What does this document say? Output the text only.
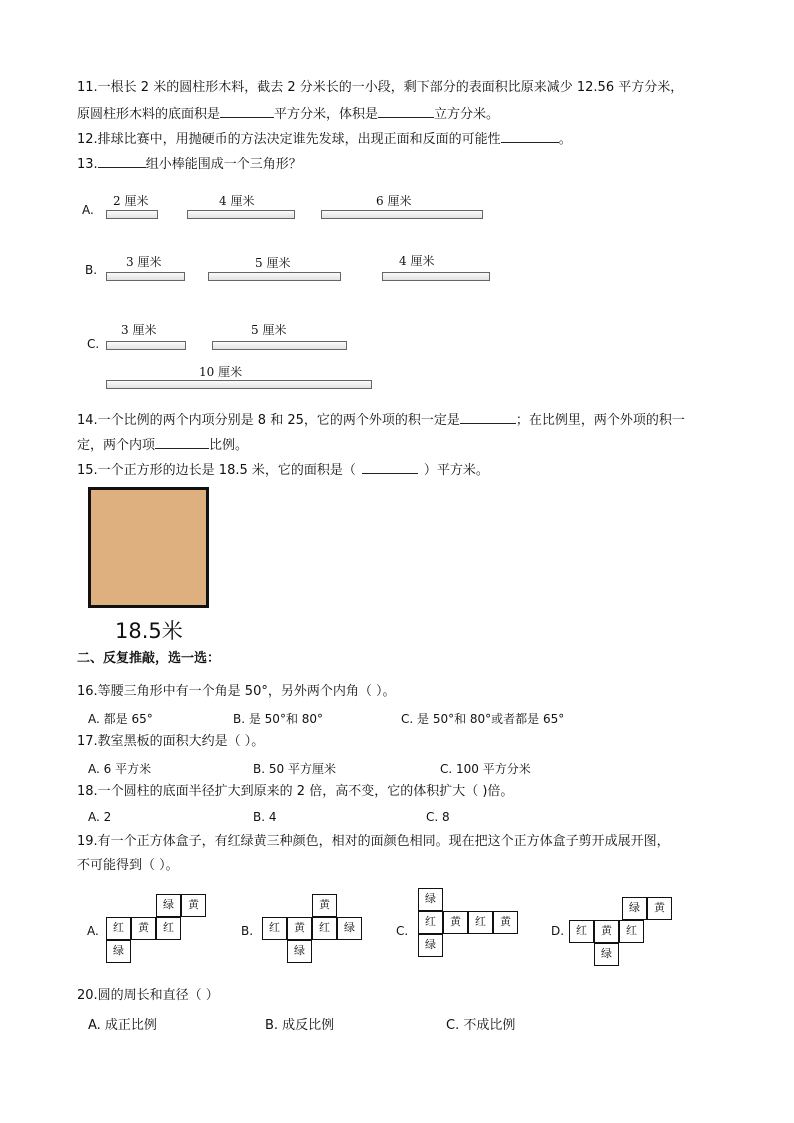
11.一根长 2 米的圆柱形木料，截去 2 分米长的一小段，剩下部分的表面积比原来减少 12.56 平方分米，
原圆柱形木料的底面积是	平方分米，体积是	立方分米。
12.排球比赛中，用抛硬币的方法决定谁先发球，出现正面和反面的可能性	。
13.	组小棒能围成一个三角形？
A.
2 厘米	4 厘米	6 厘米
B.
3 厘米	5 厘米	4 厘米
C.
3 厘米	5 厘米
10 厘米
14.一个比例的两个内项分别是 8 和 25，它的两个外项的积一定是	；在比例里，两个外项的积一
定，两个内项	比例。
15.一个正方形的边长是 18.5 米，它的面积是（	）平方米。
18.5米
二、反复推敲，选一选：
16.等腰三角形中有一个角是 50°，另外两个内角（ ）。
A. 都是 65°	B. 是 50°和 80°	C. 是 50°和 80°或者都是 65°
17.教室黑板的面积大约是（ ）。
A. 6 平方米	B. 50 平方厘米	C. 100 平方分米
18.一个圆柱的底面半径扩大到原来的 2 倍，高不变，它的体积扩大（ )倍。
A. 2	B. 4	C. 8
19.有一个正方体盒子，有红绿黄三种颜色，相对的面颜色相同。现在把这个正方体盒子剪开成展开图，
不可能得到（ ）。
A.
绿	黄
红	黄	红
绿
B.
黄
红	黄	红	绿
绿
C.
绿
红	黄	红	黄
绿
D.
绿	黄
红	黄	红
绿
20.圆的周长和直径（ ）
A. 成正比例	B. 成反比例	C. 不成比例
